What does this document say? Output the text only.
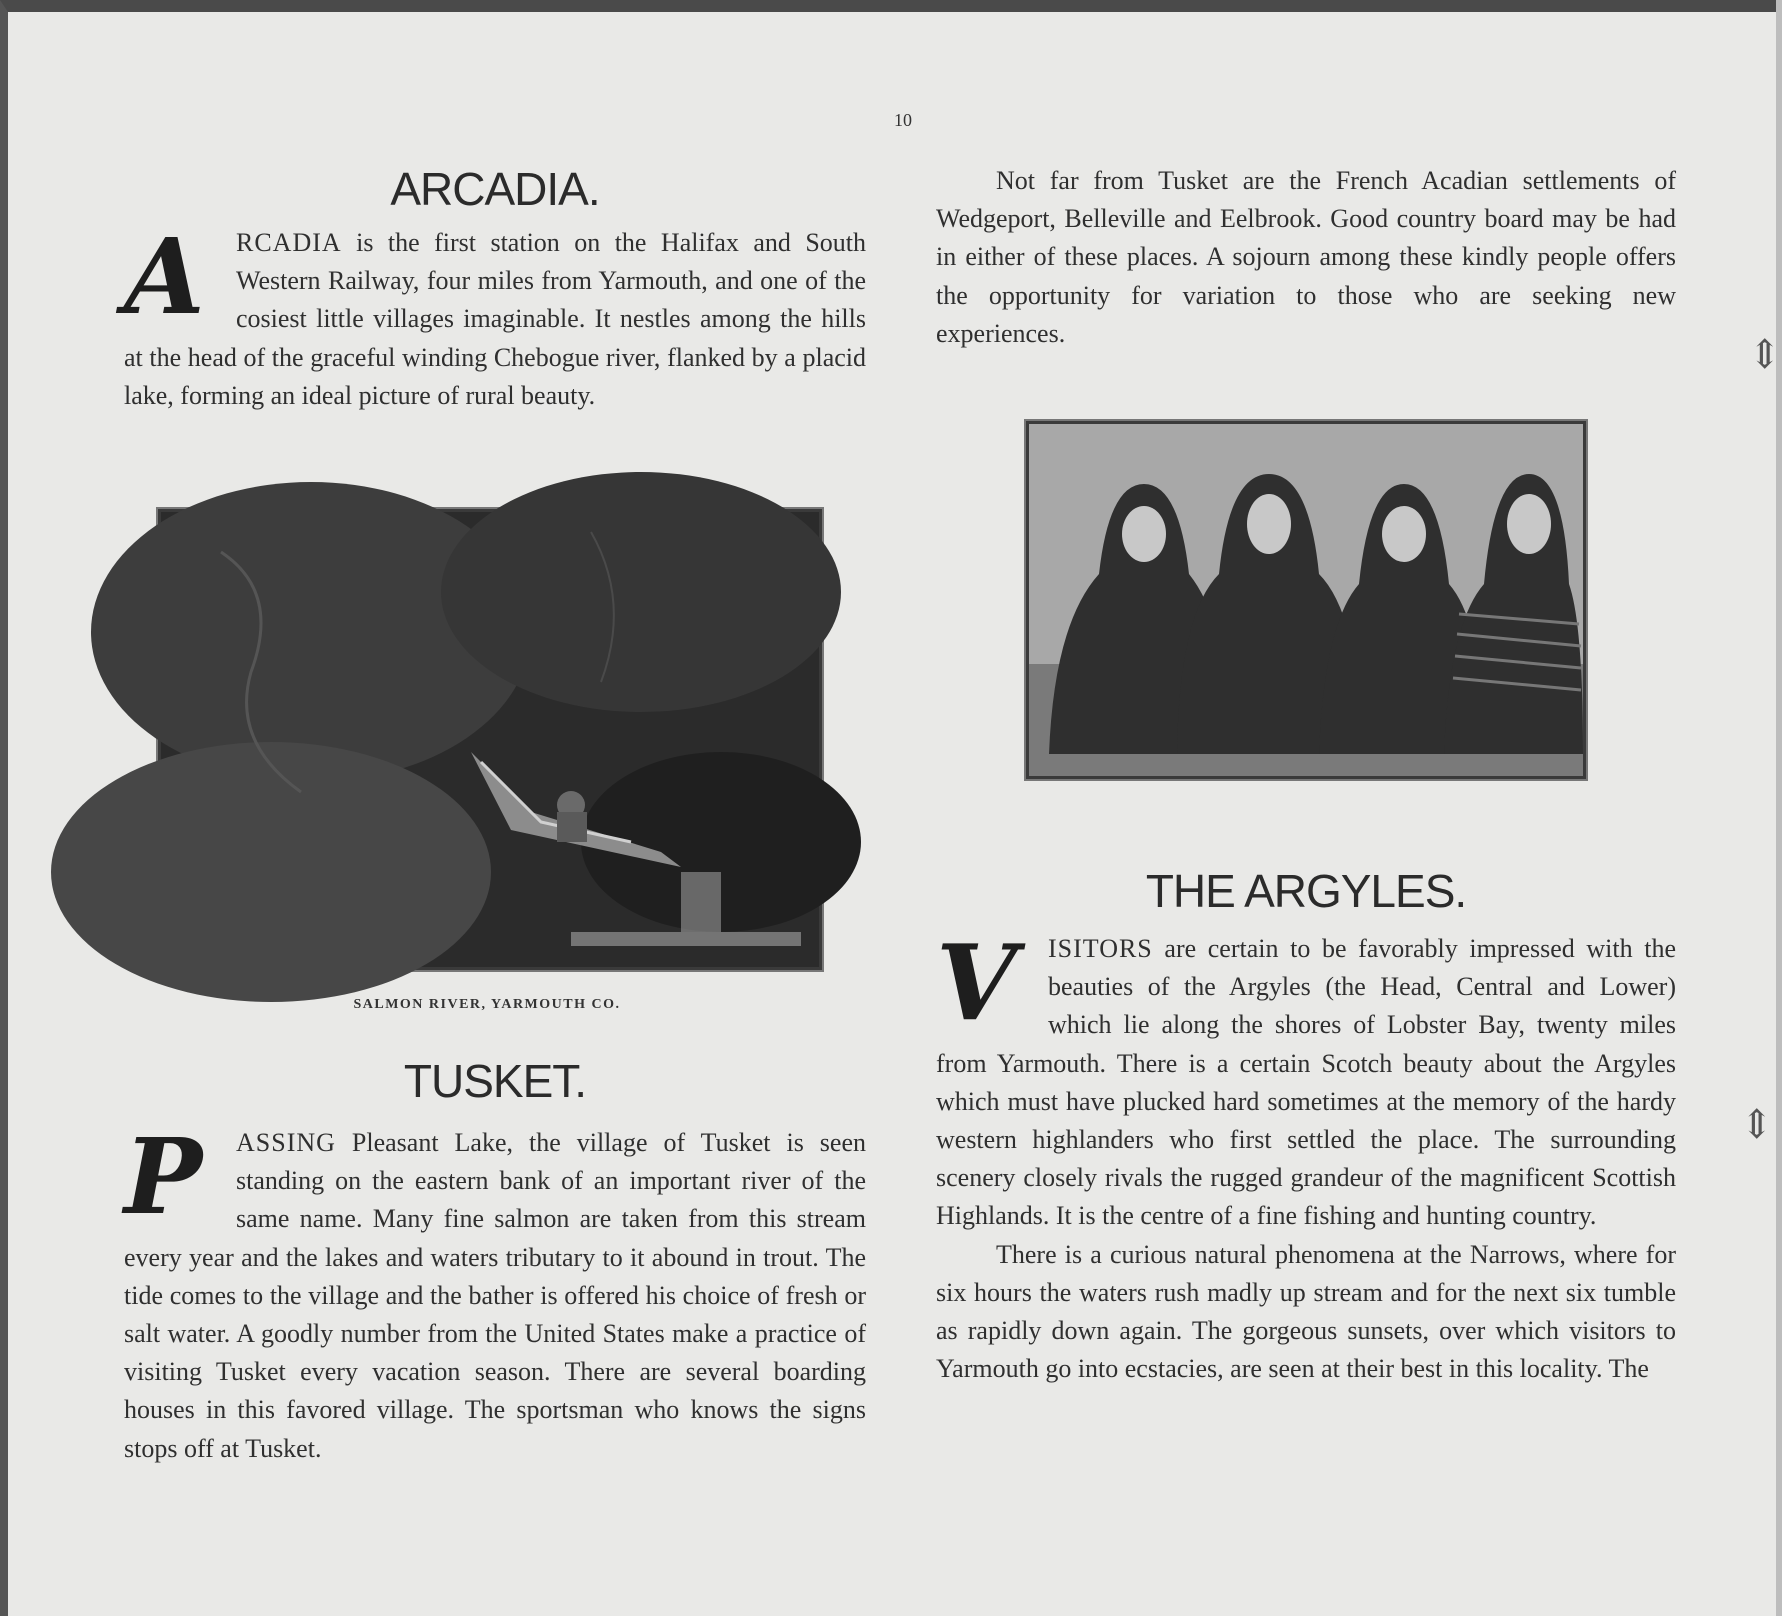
10
ARCADIA.

A	RCADIA is the first station on the Halifax and South Western Railway, four miles from Yarmouth, and one of the cosiest little villages imaginable. It nestles among the hills at the head of the graceful winding Chebogue river, flanked by a placid lake, forming an ideal picture of rural beauty.

SALMON RIVER, YARMOUTH CO.
TUSKET.

P	ASSING Pleasant Lake, the village of Tusket is seen standing on the eastern bank of an important river of the same name. Many fine salmon are taken from this stream every year and the lakes and waters tributary to it abound in trout. The tide comes to the village and the bather is offered his choice of fresh or salt water. A goodly number from the United States make a practice of visiting Tusket every vacation season. There are several boarding houses in this favored village. The sportsman who knows the signs stops off at Tusket.

Not far from Tusket are the French Acadian settlements of Wedgeport, Belleville and Eelbrook. Good country board may be had in either of these places. A sojourn among these kindly people offers the opportunity for variation to those who are seeking new experiences.

THE ARGYLES.

V	ISITORS are certain to be favorably impressed with the beauties of the Argyles (the Head, Central and Lower) which lie along the shores of Lobster Bay, twenty miles from Yarmouth. There is a certain Scotch beauty about the Argyles which must have plucked hard sometimes at the memory of the hardy western highlanders who first settled the place. The surrounding scenery closely rivals the rugged grandeur of the magnificent Scottish Highlands. It is the centre of a fine fishing and hunting country.

There is a curious natural phenomena at the Narrows, where for six hours the waters rush madly up stream and for the next six tumble as rapidly down again. The gorgeous sunsets, over which visitors to Yarmouth go into ecstacies, are seen at their best in this locality. The

⇕
⇕
